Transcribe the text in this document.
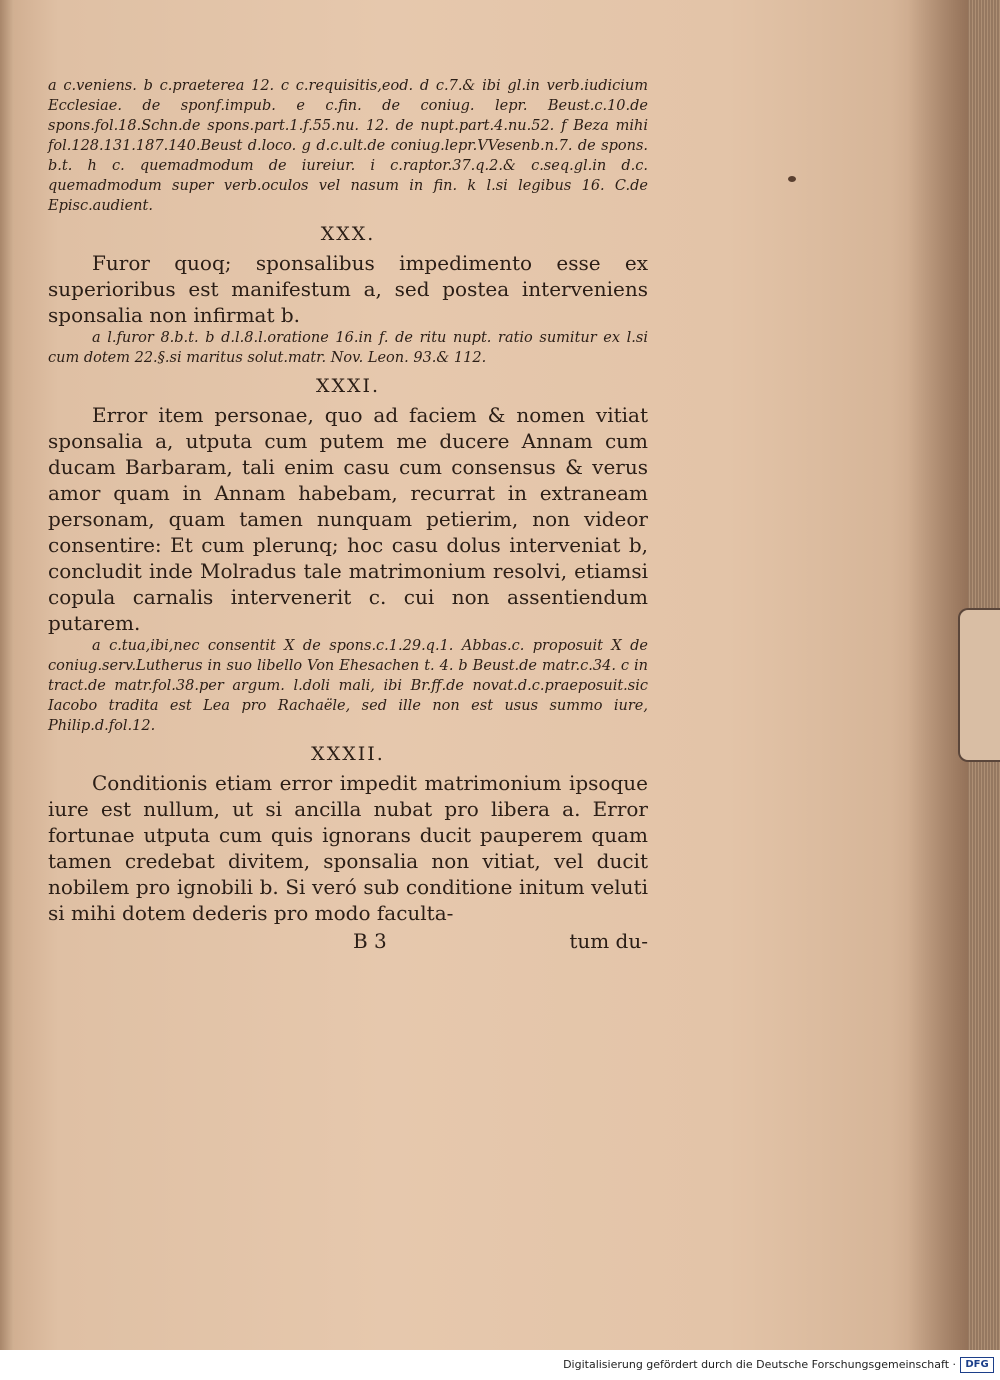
a c.veniens. b c.praeterea 12. c c.requisitis,eod. d c.7.& ibi gl.in verb.iudicium Ecclesiae. de sponf.impub. e c.fin. de coniug. lepr. Beust.c.10.de spons.fol.18.Schn.de spons.part.1.f.55.nu. 12. de nupt.part.4.nu.52. f Beza mihi fol.128.131.187.140.Beust d.loco. g d.c.ult.de coniug.lepr.VVesenb.n.7. de spons. b.t. h c. quemadmodum de iureiur. i c.raptor.37.q.2.& c.seq.gl.in d.c. quemadmodum super verb.oculos vel nasum in fin. k l.si legibus 16. C.de Episc.audient.

XXX.

Furor quoq; sponsalibus impedimento esse ex superioribus est manifestum a, sed postea interveniens sponsalia non infirmat b.

a l.furor 8.b.t. b d.l.8.l.oratione 16.in f. de ritu nupt. ratio sumitur ex l.si cum dotem 22.§.si maritus solut.matr. Nov. Leon. 93.& 112.

XXXI.

Error item personae, quo ad faciem & nomen vitiat sponsalia a, utputa cum putem me ducere Annam cum ducam Barbaram, tali enim casu cum consensus & verus amor quam in Annam habebam, recurrat in extraneam personam, quam tamen nunquam petierim, non videor consentire: Et cum plerunq; hoc casu dolus interveniat b, concludit inde Molradus tale matrimonium resolvi, etiamsi copula carnalis intervenerit c. cui non assentiendum putarem.

a c.tua,ibi,nec consentit X de spons.c.1.29.q.1. Abbas.c. proposuit X de coniug.serv.Lutherus in suo libello Von Ehesachen t. 4. b Beust.de matr.c.34. c in tract.de matr.fol.38.per argum. l.doli mali, ibi Br.ff.de novat.d.c.praeposuit.sic Iacobo tradita est Lea pro Rachaële, sed ille non est usus summo iure, Philip.d.fol.12.

XXXII.

Conditionis etiam error impedit matrimonium ipsoque iure est nullum, ut si ancilla nubat pro libera a. Error fortunae utputa cum quis ignorans ducit pauperem quam tamen credebat divitem, sponsalia non vitiat, vel ducit nobilem pro ignobili b. Si veró sub conditione initum veluti si mihi dotem dederis pro modo faculta-

B 3	tum du-
Digitalisierung gefördert durch die Deutsche Forschungsgemeinschaft · DFG
